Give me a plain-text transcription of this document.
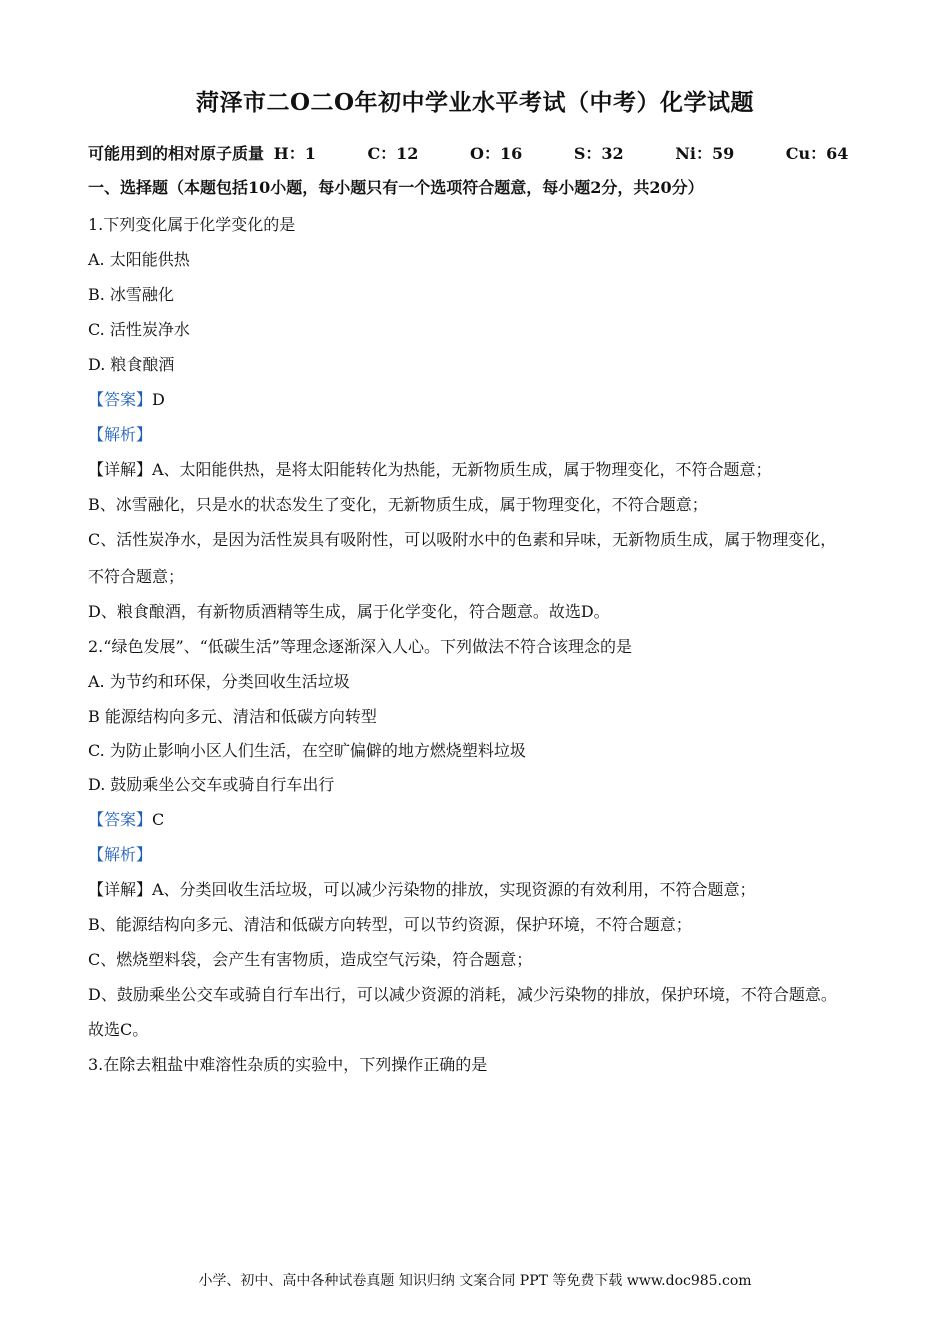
菏泽市二O二O年初中学业水平考试（中考）化学试题
可能用到的相对原子质量 H：1	C：12	O：16	S：32	Ni：59	Cu：64
一、选择题（本题包括10小题，每小题只有一个选项符合题意，每小题2分，共20分）
1.下列变化属于化学变化的是
A. 太阳能供热
B. 冰雪融化
C. 活性炭净水
D. 粮食酿酒
【答案】D
【解析】
【详解】A、太阳能供热，是将太阳能转化为热能，无新物质生成，属于物理变化，不符合题意；
B、冰雪融化，只是水的状态发生了变化，无新物质生成，属于物理变化，不符合题意；
C、活性炭净水，是因为活性炭具有吸附性，可以吸附水中的色素和异味，无新物质生成，属于物理变化，
不符合题意；
D、粮食酿酒，有新物质酒精等生成，属于化学变化，符合题意。故选D。
2.“绿色发展”、“低碳生活”等理念逐渐深入人心。下列做法不符合该理念的是
A. 为节约和环保，分类回收生活垃圾
B 能源结构向多元、清洁和低碳方向转型
C. 为防止影响小区人们生活，在空旷偏僻的地方燃烧塑料垃圾
D. 鼓励乘坐公交车或骑自行车出行
【答案】C
【解析】
【详解】A、分类回收生活垃圾，可以减少污染物的排放，实现资源的有效利用，不符合题意；
B、能源结构向多元、清洁和低碳方向转型，可以节约资源，保护环境，不符合题意；
C、燃烧塑料袋，会产生有害物质，造成空气污染，符合题意；
D、鼓励乘坐公交车或骑自行车出行，可以减少资源的消耗，减少污染物的排放，保护环境，不符合题意。
故选C。
3.在除去粗盐中难溶性杂质的实验中，下列操作正确的是
小学、初中、高中各种试卷真题 知识归纳 文案合同 PPT 等免费下载 www.doc985.com
